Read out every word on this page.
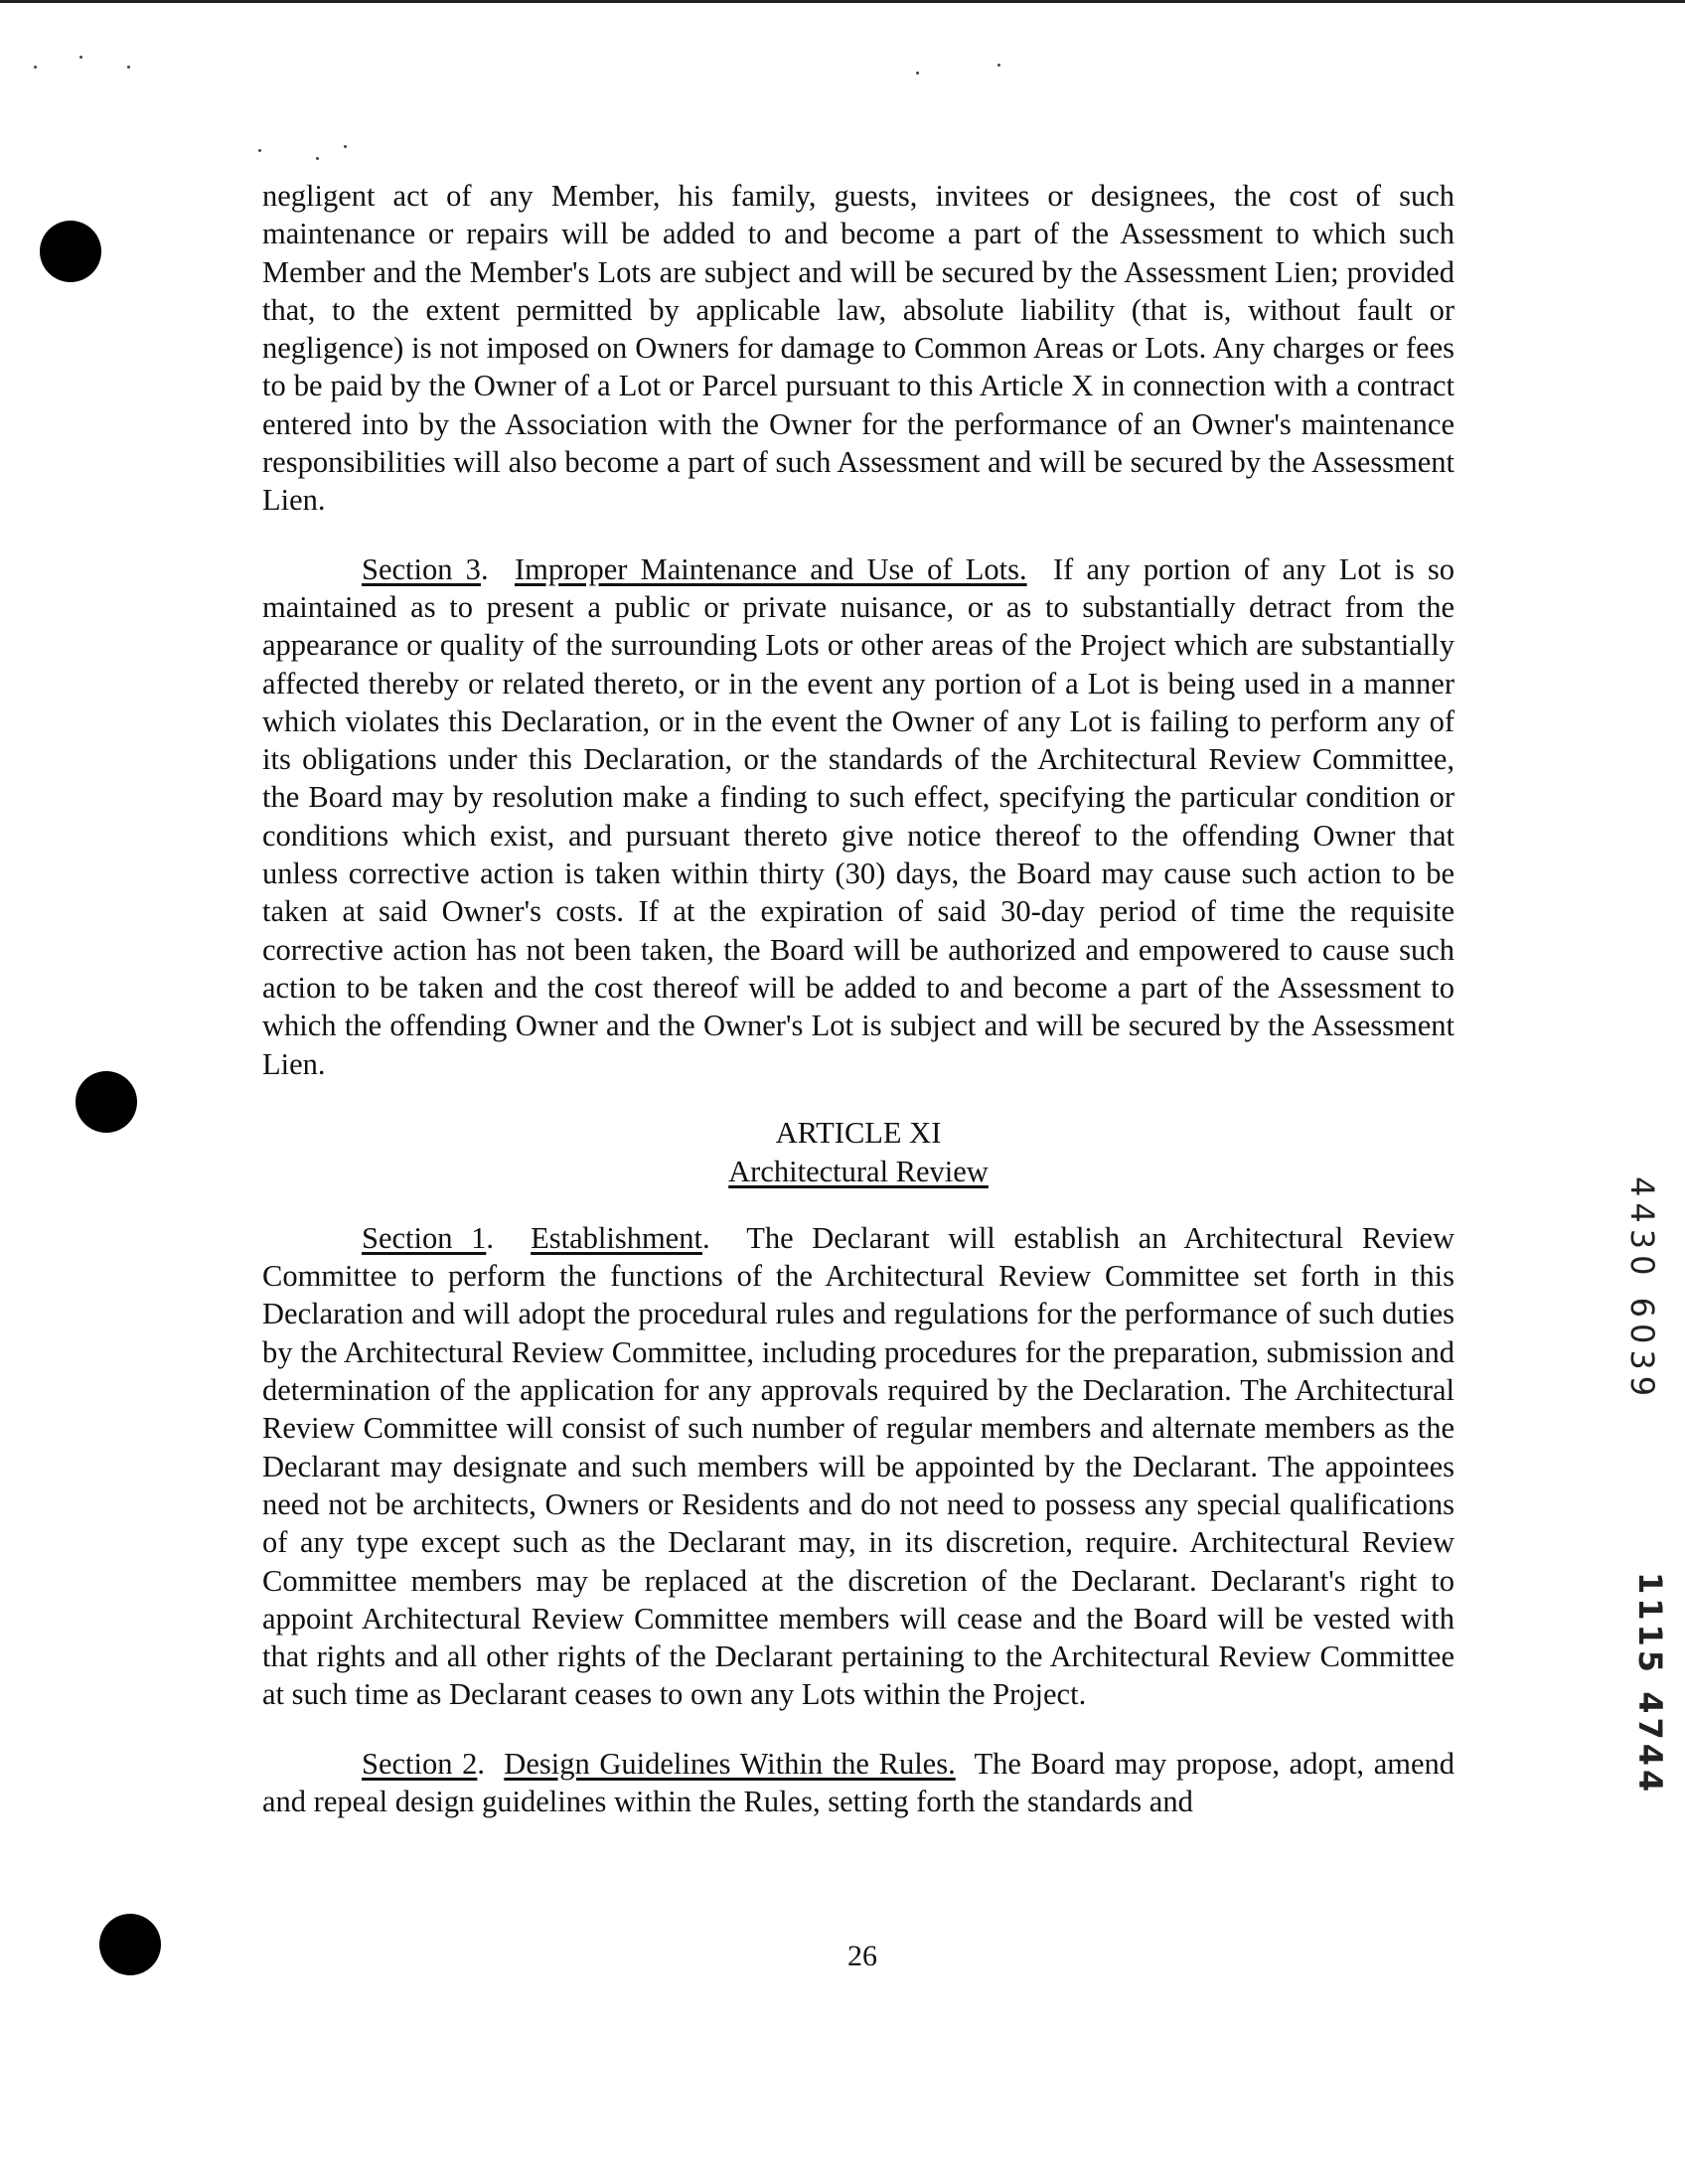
negligent act of any Member, his family, guests, invitees or designees, the cost of such maintenance or repairs will be added to and become a part of the Assessment to which such Member and the Member's Lots are subject and will be secured by the Assessment Lien; provided that, to the extent permitted by applicable law, absolute liability (that is, without fault or negligence) is not imposed on Owners for damage to Common Areas or Lots. Any charges or fees to be paid by the Owner of a Lot or Parcel pursuant to this Article X in connection with a contract entered into by the Association with the Owner for the performance of an Owner's maintenance responsibilities will also become a part of such Assessment and will be secured by the Assessment Lien.

Section 3.  Improper Maintenance and Use of Lots. If any portion of any Lot is so maintained as to present a public or private nuisance, or as to substantially detract from the appearance or quality of the surrounding Lots or other areas of the Project which are substantially affected thereby or related thereto, or in the event any portion of a Lot is being used in a manner which violates this Declaration, or in the event the Owner of any Lot is failing to perform any of its obligations under this Declaration, or the standards of the Architectural Review Committee, the Board may by resolution make a finding to such effect, specifying the particular condition or conditions which exist, and pursuant thereto give notice thereof to the offending Owner that unless corrective action is taken within thirty (30) days, the Board may cause such action to be taken at said Owner's costs. If at the expiration of said 30-day period of time the requisite corrective action has not been taken, the Board will be authorized and empowered to cause such action to be taken and the cost thereof will be added to and become a part of the Assessment to which the offending Owner and the Owner's Lot is subject and will be secured by the Assessment Lien.

ARTICLE XI
Architectural Review

Section 1.  Establishment.  The Declarant will establish an Architectural Review Committee to perform the functions of the Architectural Review Committee set forth in this Declaration and will adopt the procedural rules and regulations for the performance of such duties by the Architectural Review Committee, including procedures for the preparation, submission and determination of the application for any approvals required by the Declaration. The Architectural Review Committee will consist of such number of regular members and alternate members as the Declarant may designate and such members will be appointed by the Declarant. The appointees need not be architects, Owners or Residents and do not need to possess any special qualifications of any type except such as the Declarant may, in its discretion, require. Architectural Review Committee members may be replaced at the discretion of the Declarant. Declarant's right to appoint Architectural Review Committee members will cease and the Board will be vested with that rights and all other rights of the Declarant pertaining to the Architectural Review Committee at such time as Declarant ceases to own any Lots within the Project.

Section 2.  Design Guidelines Within the Rules. The Board may propose, adopt, amend and repeal design guidelines within the Rules, setting forth the standards and

26
4430 6039
1115 4744
